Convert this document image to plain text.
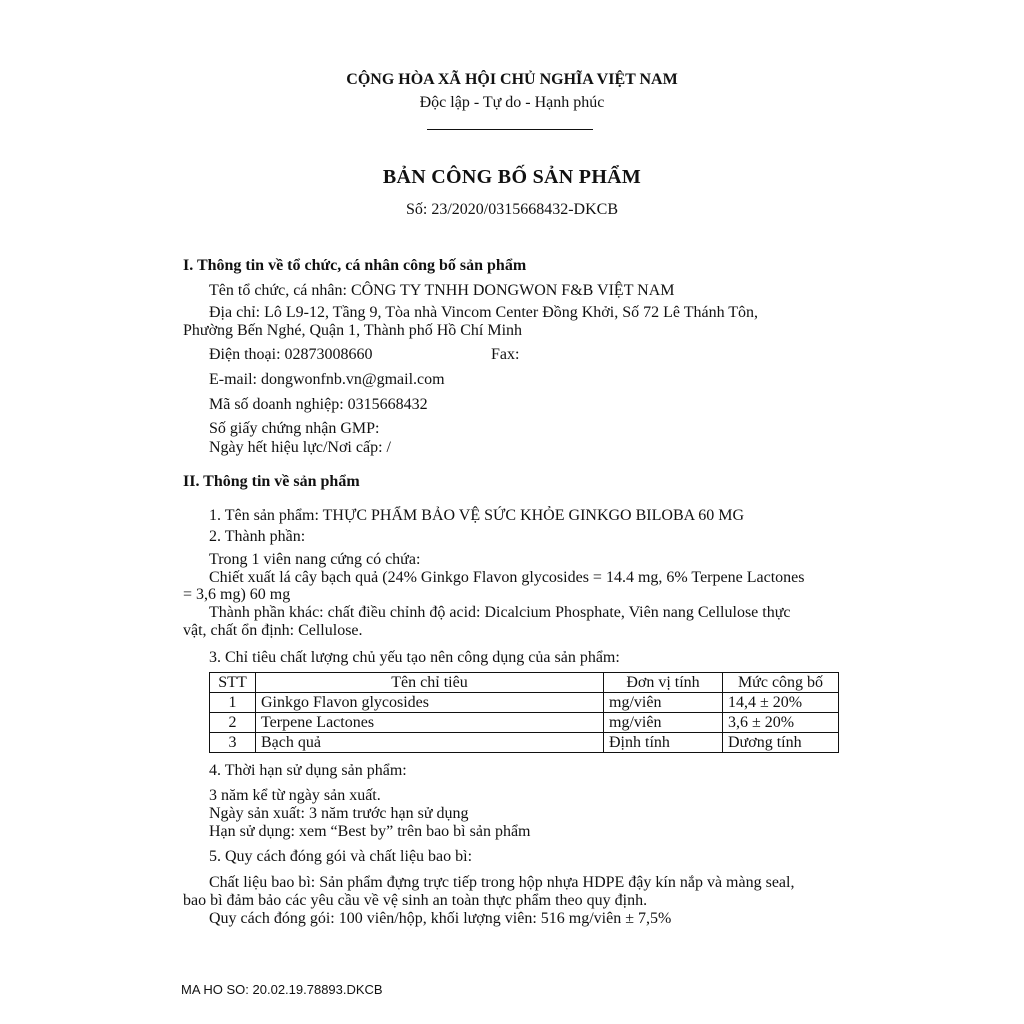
CỘNG HÒA XÃ HỘI CHỦ NGHĨA VIỆT NAM
Độc lập - Tự do - Hạnh phúc
BẢN CÔNG BỐ SẢN PHẨM
Số: 23/2020/0315668432-DKCB
I. Thông tin về tổ chức, cá nhân công bố sản phẩm
Tên tổ chức, cá nhân: CÔNG TY TNHH DONGWON F&B VIỆT NAM
Địa chỉ: Lô L9-12, Tầng 9, Tòa nhà Vincom Center Đồng Khởi, Số 72 Lê Thánh Tôn,
Phường Bến Nghé, Quận 1, Thành phố Hồ Chí Minh
Điện thoại: 02873008660	Fax:
E-mail: dongwonfnb.vn@gmail.com
Mã số doanh nghiệp: 0315668432
Số giấy chứng nhận GMP:
Ngày hết hiệu lực/Nơi cấp: /
II. Thông tin về sản phẩm
1. Tên sản phẩm: THỰC PHẨM BẢO VỆ SỨC KHỎE GINKGO BILOBA 60 MG
2. Thành phần:
Trong 1 viên nang cứng có chứa:
Chiết xuất lá cây bạch quả (24% Ginkgo Flavon glycosides = 14.4 mg, 6% Terpene Lactones
= 3,6 mg) 60 mg
Thành phần khác: chất điều chỉnh độ acid: Dicalcium Phosphate, Viên nang Cellulose thực
vật, chất ổn định: Cellulose.
3. Chỉ tiêu chất lượng chủ yếu tạo nên công dụng của sản phẩm:
STT	Tên chỉ tiêu	Đơn vị tính	Mức công bố
1	Ginkgo Flavon glycosides	mg/viên	14,4 ± 20%
2	Terpene Lactones	mg/viên	3,6 ± 20%
3	Bạch quả	Định tính	Dương tính
4. Thời hạn sử dụng sản phẩm:
3 năm kể từ ngày sản xuất.
Ngày sản xuất: 3 năm trước hạn sử dụng
Hạn sử dụng: xem “Best by” trên bao bì sản phẩm
5. Quy cách đóng gói và chất liệu bao bì:
Chất liệu bao bì: Sản phẩm đựng trực tiếp trong hộp nhựa HDPE đậy kín nắp và màng seal,
bao bì đảm bảo các yêu cầu về vệ sinh an toàn thực phẩm theo quy định.
Quy cách đóng gói: 100 viên/hộp, khối lượng viên: 516 mg/viên ± 7,5%
MA HO SO: 20.02.19.78893.DKCB
